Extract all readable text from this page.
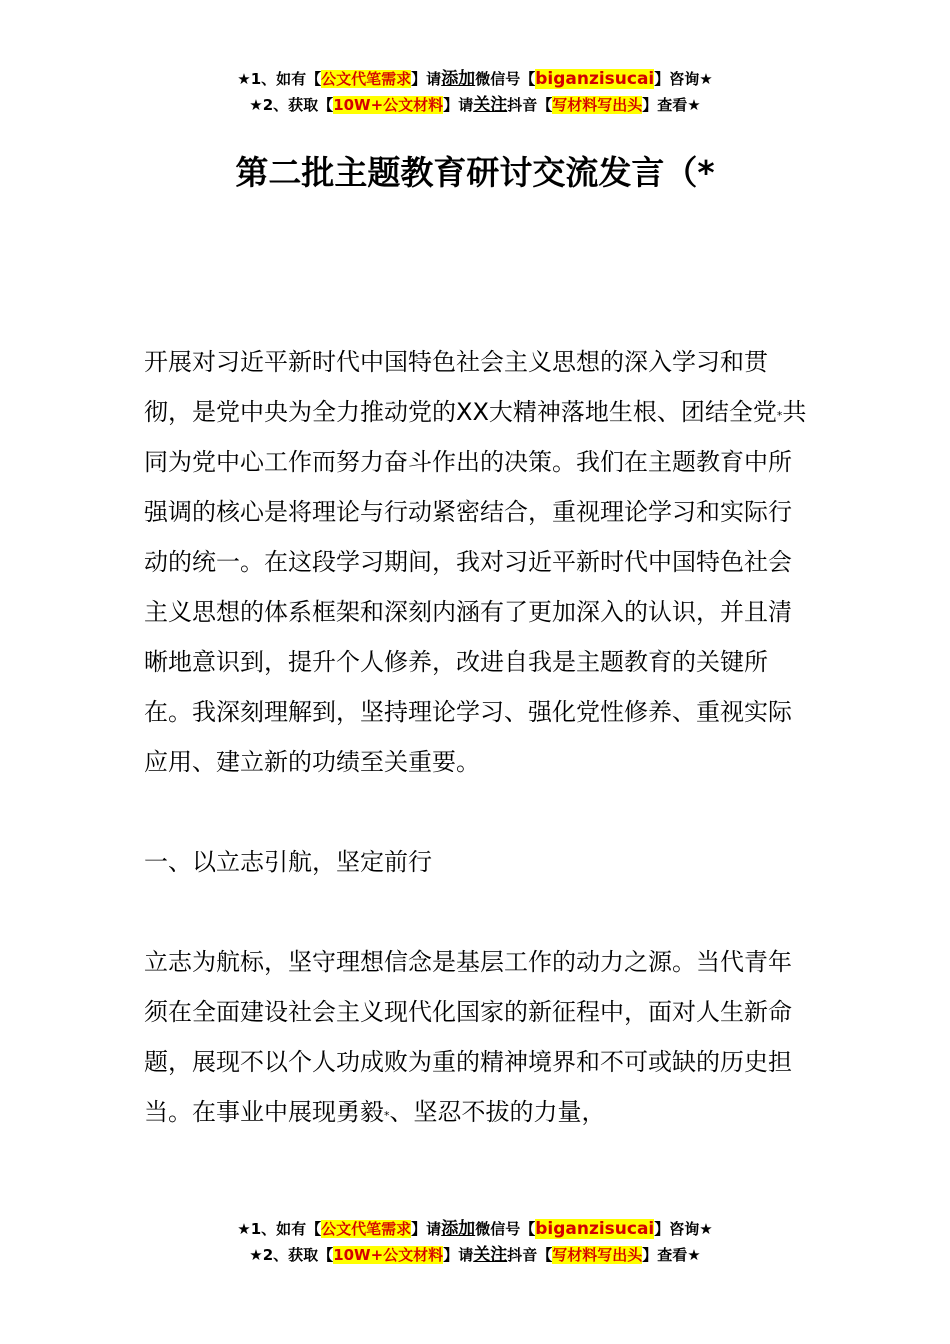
★1、如有【公文代笔需求】请添加微信号【biganzisucai】咨询★
★2、获取【10W+公文材料】请关注抖音【写材料写出头】查看★
第二批主题教育研讨交流发言（*

开展对习近平新时代中国特色社会主义思想的深入学习和贯彻，是党中央为全力推动党的XX大精神落地生根、团结全党*共同为党中心工作而努力奋斗作出的决策。我们在主题教育中所强调的核心是将理论与行动紧密结合，重视理论学习和实际行动的统一。在这段学习期间，我对习近平新时代中国特色社会主义思想的体系框架和深刻内涵有了更加深入的认识，并且清晰地意识到，提升个人修养，改进自我是主题教育的关键所在。我深刻理解到，坚持理论学习、强化党性修养、重视实际应用、建立新的功绩至关重要。

一、以立志引航，坚定前行

立志为航标，坚守理想信念是基层工作的动力之源。当代青年须在全面建设社会主义现代化国家的新征程中，面对人生新命题，展现不以个人功成败为重的精神境界和不可或缺的历史担当。在事业中展现勇毅*、坚忍不拔的力量，

★1、如有【公文代笔需求】请添加微信号【biganzisucai】咨询★
★2、获取【10W+公文材料】请关注抖音【写材料写出头】查看★
